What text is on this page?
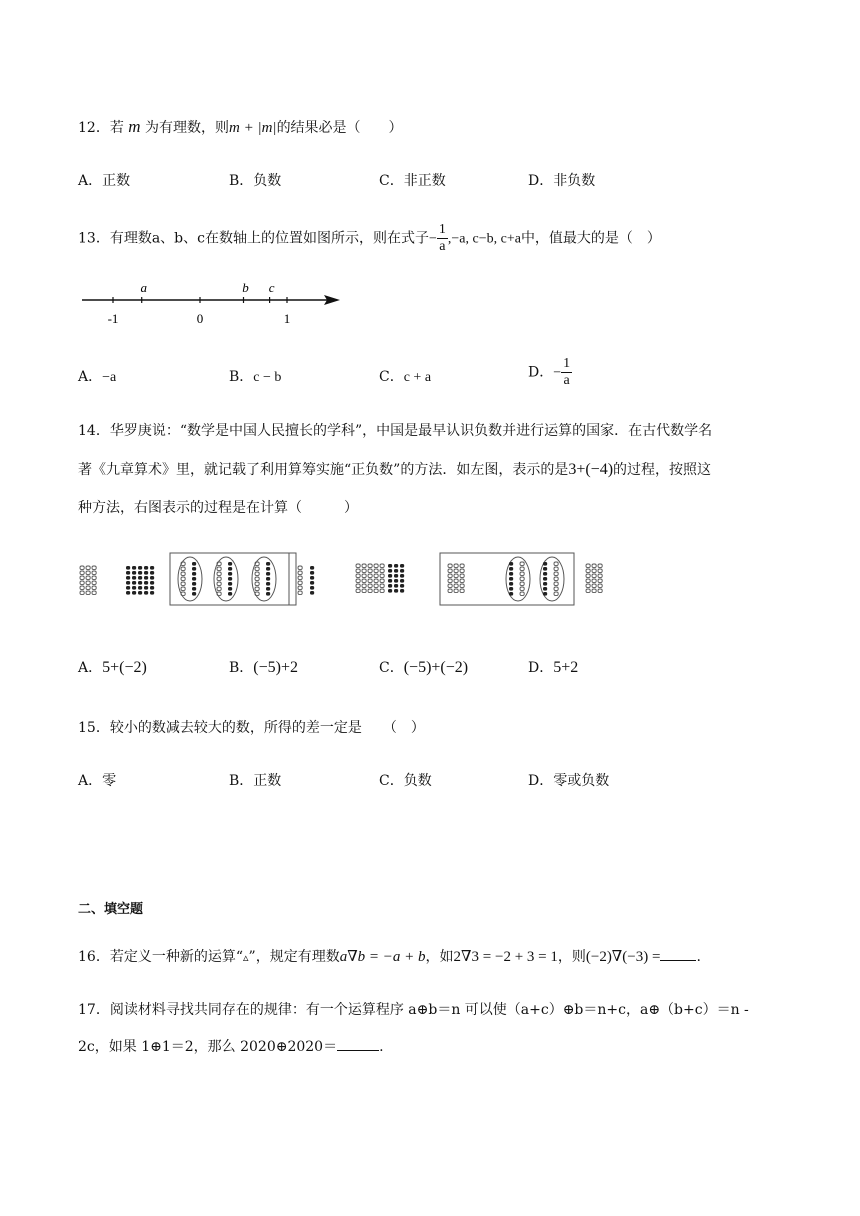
12．若 m 为有理数，则m + |m|的结果必是（　　）
A．正数	B．负数	C．非正数	D．非负数
13．有理数a、b、c在数轴上的位置如图所示，则在式子− $\frac{1}{a} ,-a$, c−b, c+a中，值最大的是（　）
-1	0	1
a	b c
A．−a	B．c − b	C．c + a	D．− $\frac{1}{a}$
14．华罗庚说：“数学是中国人民擅长的学科”，中国是最早认识负数并进行运算的国家．在古代数学名
著《九章算术》里，就记载了利用算筹实施“正负数”的方法．如左图，表示的是3+(−4)的过程，按照这
种方法，右图表示的过程是在计算（　　　）
A．5+(−2)	B．(−5)+2	C．(−5)+(−2)	D．5+2
15．较小的数减去较大的数，所得的差一定是　　（　）
A．零	B．正数	C．负数	D．零或负数
二、填空题
16．若定义一种新的运算“▵”，规定有理数a∇b = −a + b，如2∇3 = −2 + 3 = 1，则(−2)∇(−3) =	.
17．阅读材料寻找共同存在的规律：有一个运算程序 a⊕b＝n 可以使（a+c）⊕b＝n+c，a⊕（b+c）＝n -
2c，如果 1⊕1＝2，那么 2020⊕2020＝	.
